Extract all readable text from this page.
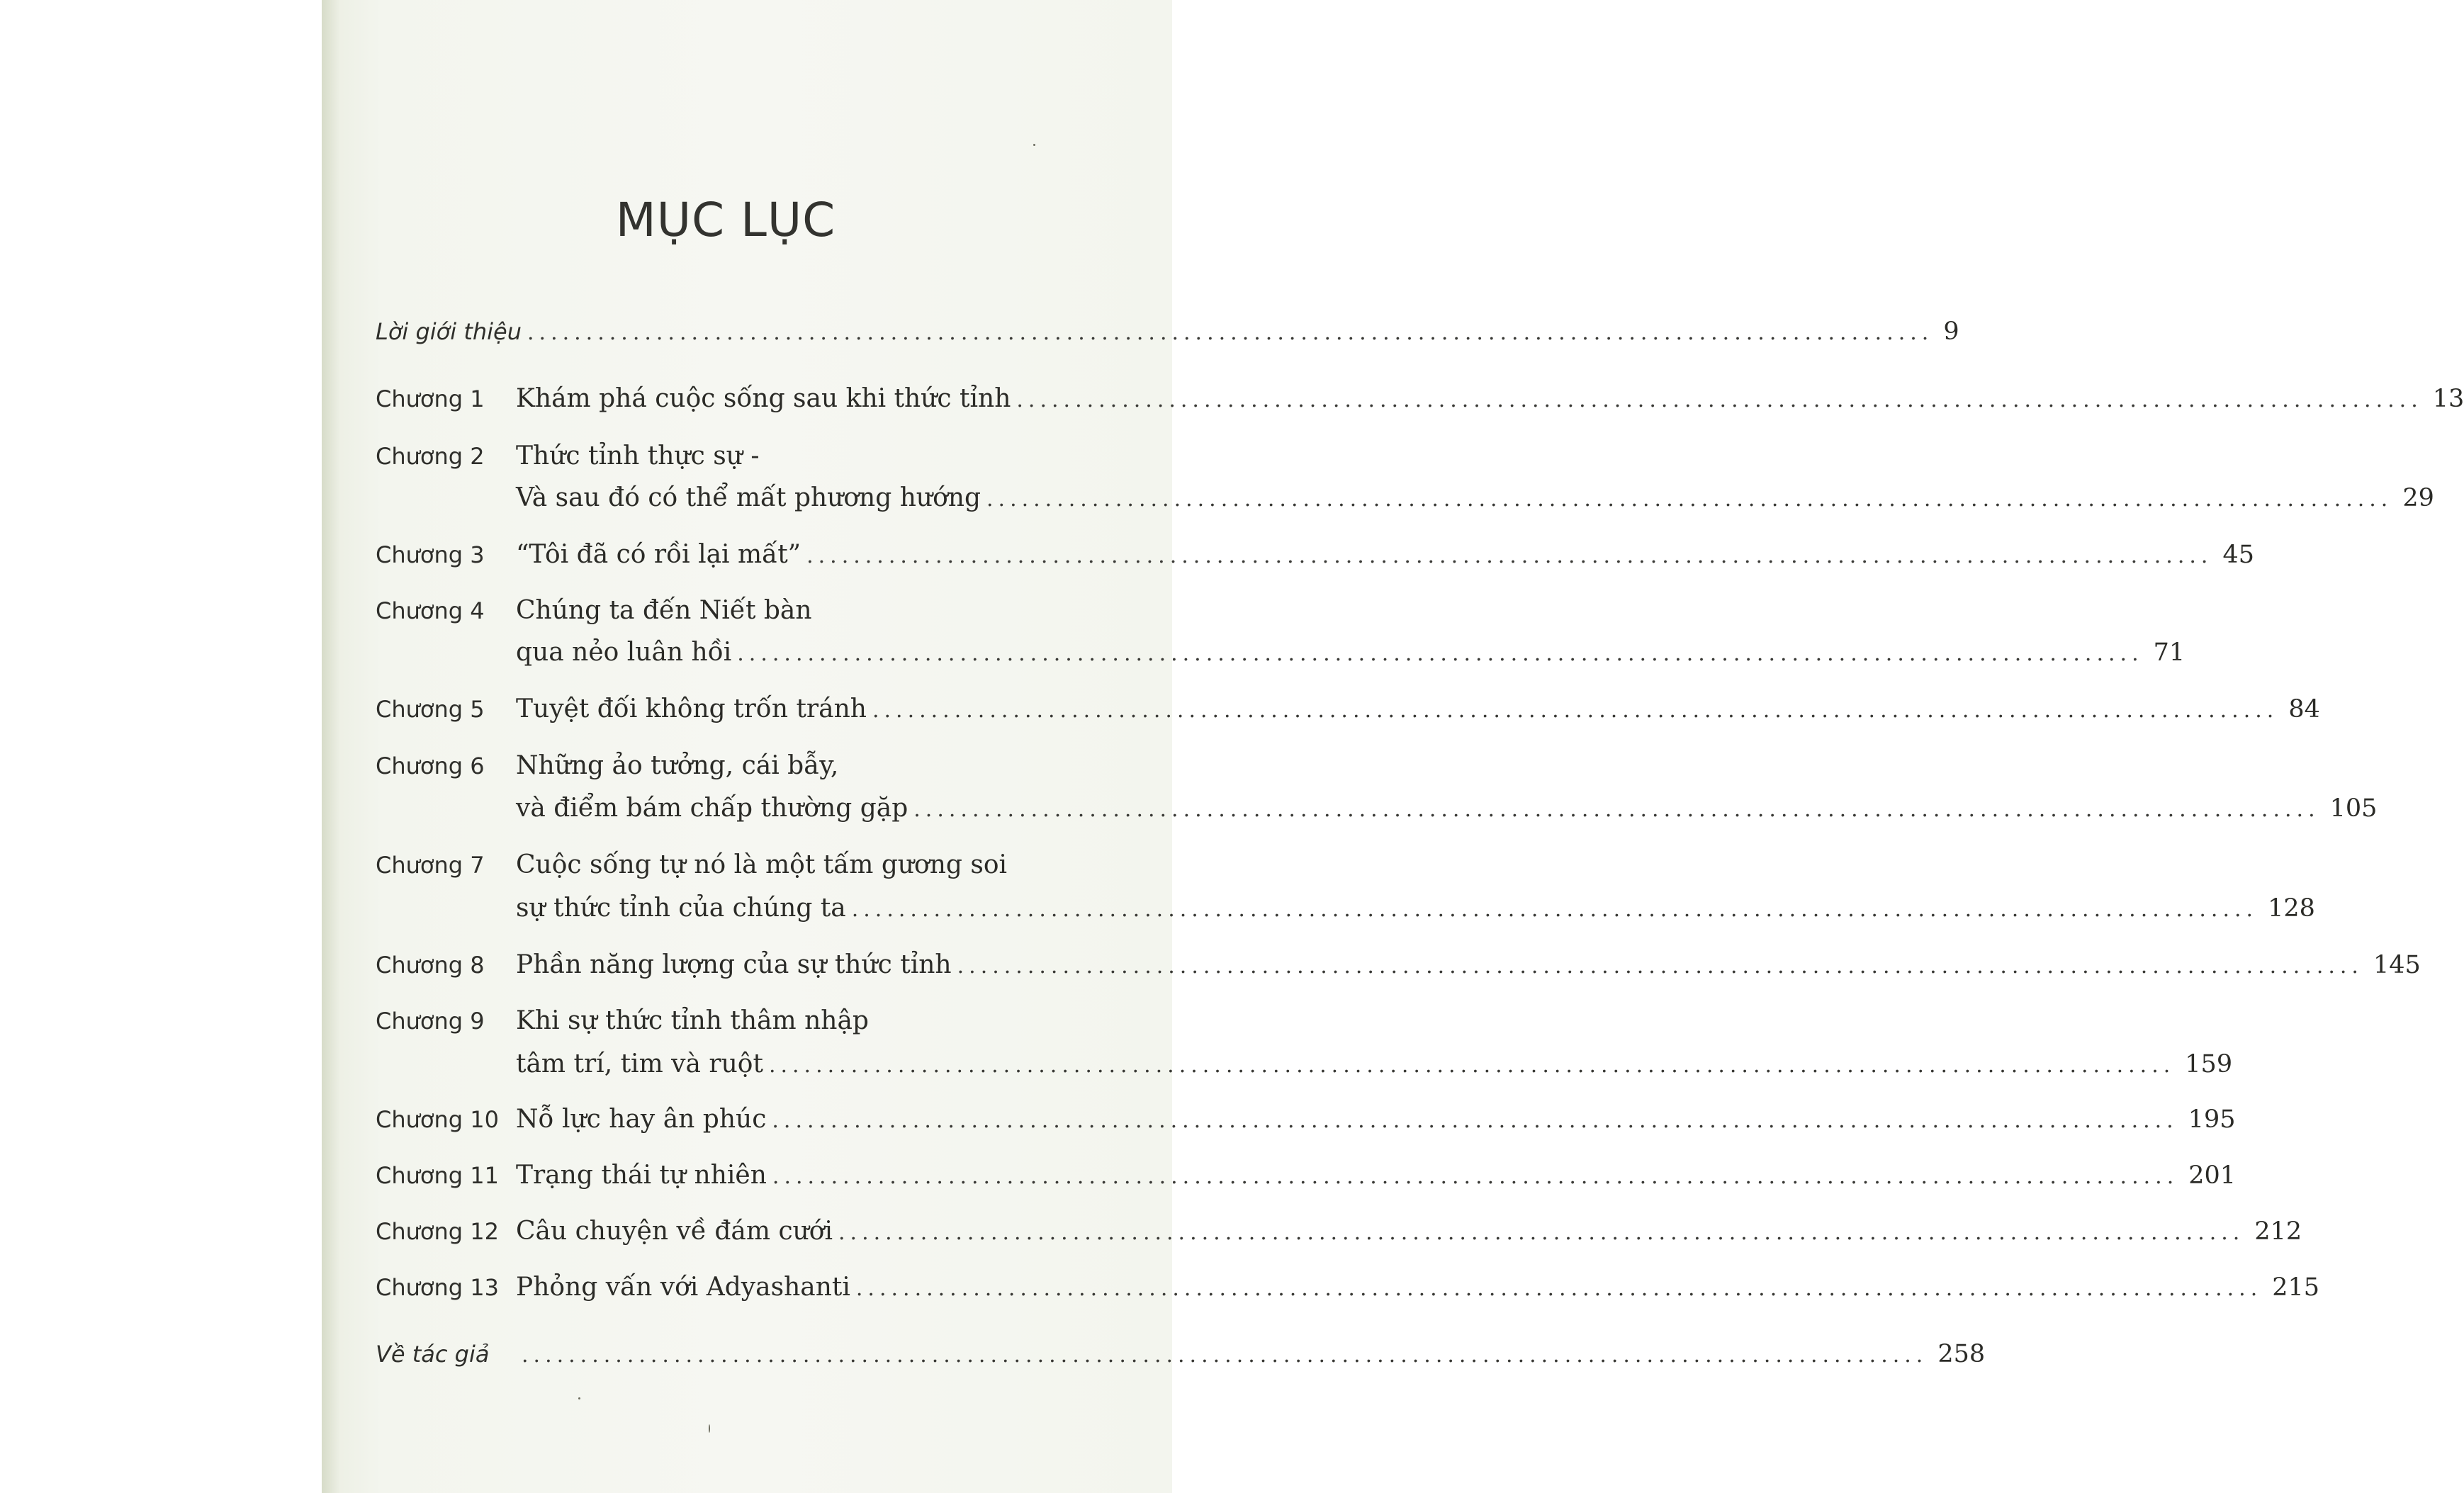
MỤC LỤC
Lời giới thiệu ........................................................................................................................ 9
Chương 1	Khám phá cuộc sống sau khi thức tỉnh ........................................................................................................................ 13
Chương 2	Thức tỉnh thực sự -
Và sau đó có thể mất phương hướng ........................................................................................................................ 29
Chương 3	“Tôi đã có rồi lại mất” ........................................................................................................................ 45
Chương 4	Chúng ta đến Niết bàn
qua nẻo luân hồi ........................................................................................................................ 71
Chương 5	Tuyệt đối không trốn tránh ........................................................................................................................ 84
Chương 6	Những ảo tưởng, cái bẫy,
và điểm bám chấp thường gặp ........................................................................................................................ 105
Chương 7	Cuộc sống tự nó là một tấm gương soi
sự thức tỉnh của chúng ta ........................................................................................................................ 128
Chương 8	Phần năng lượng của sự thức tỉnh ........................................................................................................................ 145
Chương 9	Khi sự thức tỉnh thâm nhập
tâm trí, tim và ruột ........................................................................................................................ 159
Chương 10 Nỗ lực hay ân phúc ........................................................................................................................ 195
Chương 11 Trạng thái tự nhiên ........................................................................................................................ 201
Chương 12 Câu chuyện về đám cưới ........................................................................................................................ 212
Chương 13 Phỏng vấn với Adyashanti ........................................................................................................................ 215
Về tác giả	........................................................................................................................ 258
